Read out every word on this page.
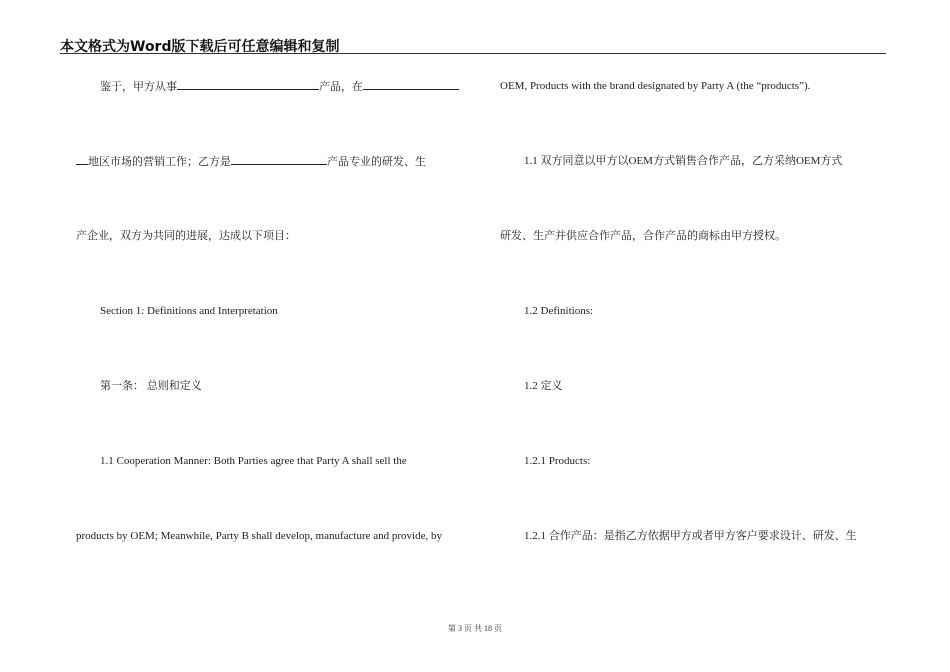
本文格式为Word版下载后可任意编辑和复制
鉴于，甲方从事	产品，在
地区市场的营销工作；乙方是	产品专业的研发、生
产企业，双方为共同的进展，达成以下项目：
Section 1: Definitions and Interpretation
第一条： 总则和定义
1.1 Cooperation Manner: Both Parties agree that Party A shall sell the
products by OEM; Meanwhile, Party B shall develop, manufacture and provide, by
OEM, Products with the brand designated by Party A (the “products”).
1.1 双方同意以甲方以OEM方式销售合作产品，乙方采纳OEM方式
研发、生产并供应合作产品，合作产品的商标由甲方授权。
1.2 Definitions:
1.2 定义
1.2.1 Products:
1.2.1 合作产品：是指乙方依据甲方或者甲方客户要求设计、研发、生
第 3 页 共 18 页
